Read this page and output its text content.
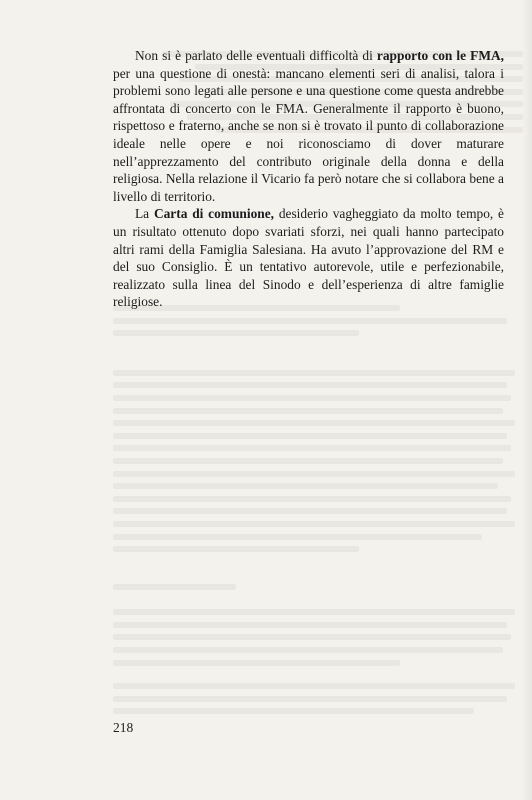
Non si è parlato delle eventuali difficoltà di rapporto con le FMA, per una questione di onestà: mancano elementi seri di analisi, talora i problemi sono legati alle persone e una questione come questa andrebbe affrontata di concerto con le FMA. Generalmente il rapporto è buono, rispettoso e fraterno, anche se non si è trovato il punto di collaborazione ideale nelle opere e noi riconosciamo di dover maturare nell’apprezzamento del contributo originale della donna e della religiosa. Nella relazione il Vicario fa però notare che si collabora bene a livello di territorio.

La Carta di comunione, desiderio vagheggiato da molto tempo, è un risultato ottenuto dopo svariati sforzi, nei quali hanno partecipato altri rami della Famiglia Salesiana. Ha avuto l’approvazione del RM e del suo Consiglio. È un tentativo autorevole, utile e perfezionabile, realizzato sulla linea del Sinodo e dell’esperienza di altre famiglie religiose.

218
